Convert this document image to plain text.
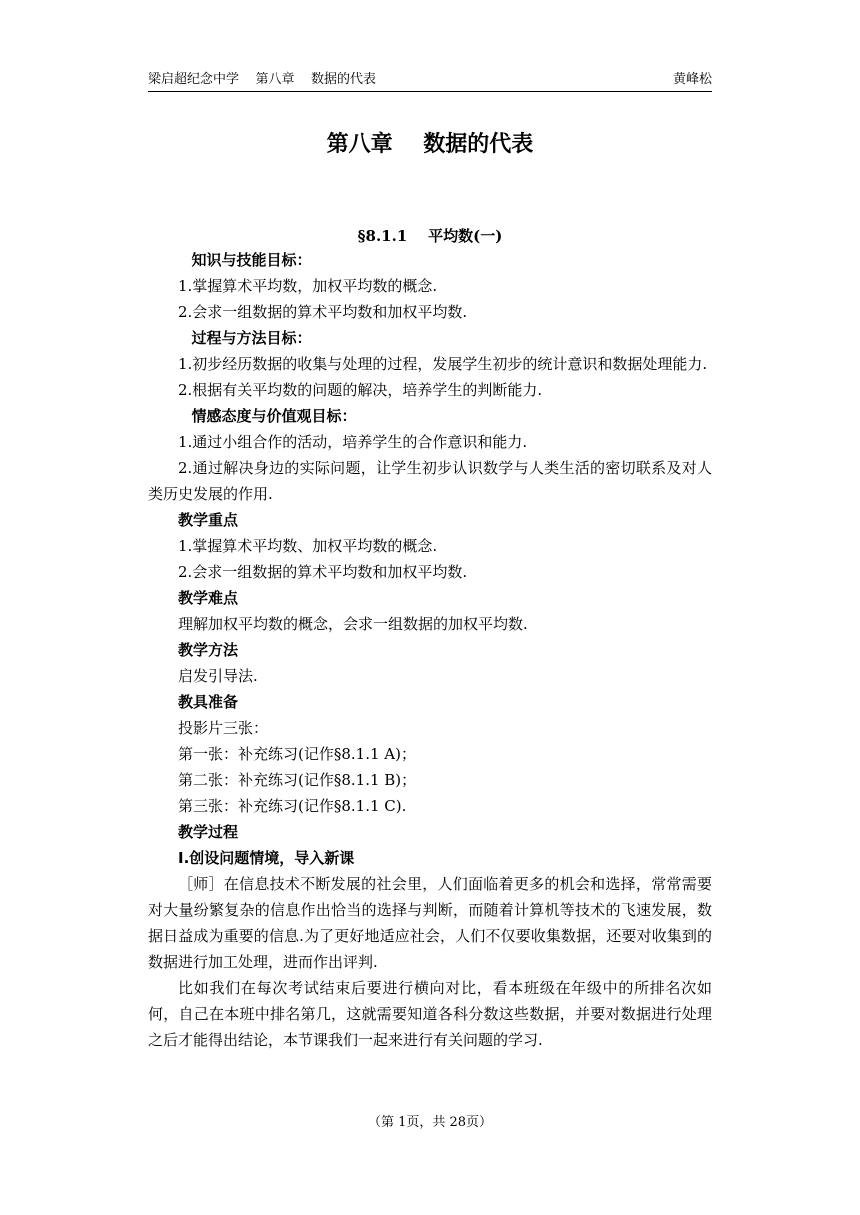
梁启超纪念中学    第八章    数据的代表	黄峰松
第八章    数据的代表
§8.1.1    平均数(一)

知识与技能目标：

1.掌握算术平均数，加权平均数的概念.

2.会求一组数据的算术平均数和加权平均数.

过程与方法目标：

1.初步经历数据的收集与处理的过程，发展学生初步的统计意识和数据处理能力.

2.根据有关平均数的问题的解决，培养学生的判断能力.

情感态度与价值观目标：

1.通过小组合作的活动，培养学生的合作意识和能力.

2.通过解决身边的实际问题，让学生初步认识数学与人类生活的密切联系及对人类历史发展的作用.

教学重点

1.掌握算术平均数、加权平均数的概念.

2.会求一组数据的算术平均数和加权平均数.

教学难点

理解加权平均数的概念，会求一组数据的加权平均数.

教学方法

启发引导法.

教具准备

投影片三张：

第一张：补充练习(记作§8.1.1 A)；

第二张：补充练习(记作§8.1.1 B)；

第三张：补充练习(记作§8.1.1 C).

教学过程

Ⅰ.创设问题情境，导入新课

［师］在信息技术不断发展的社会里，人们面临着更多的机会和选择，常常需要对大量纷繁复杂的信息作出恰当的选择与判断，而随着计算机等技术的飞速发展，数据日益成为重要的信息.为了更好地适应社会，人们不仅要收集数据，还要对收集到的数据进行加工处理，进而作出评判.

比如我们在每次考试结束后要进行横向对比，看本班级在年级中的所排名次如何，自己在本班中排名第几，这就需要知道各科分数这些数据，并要对数据进行处理之后才能得出结论，本节课我们一起来进行有关问题的学习.

（第 1页，共 28页）
